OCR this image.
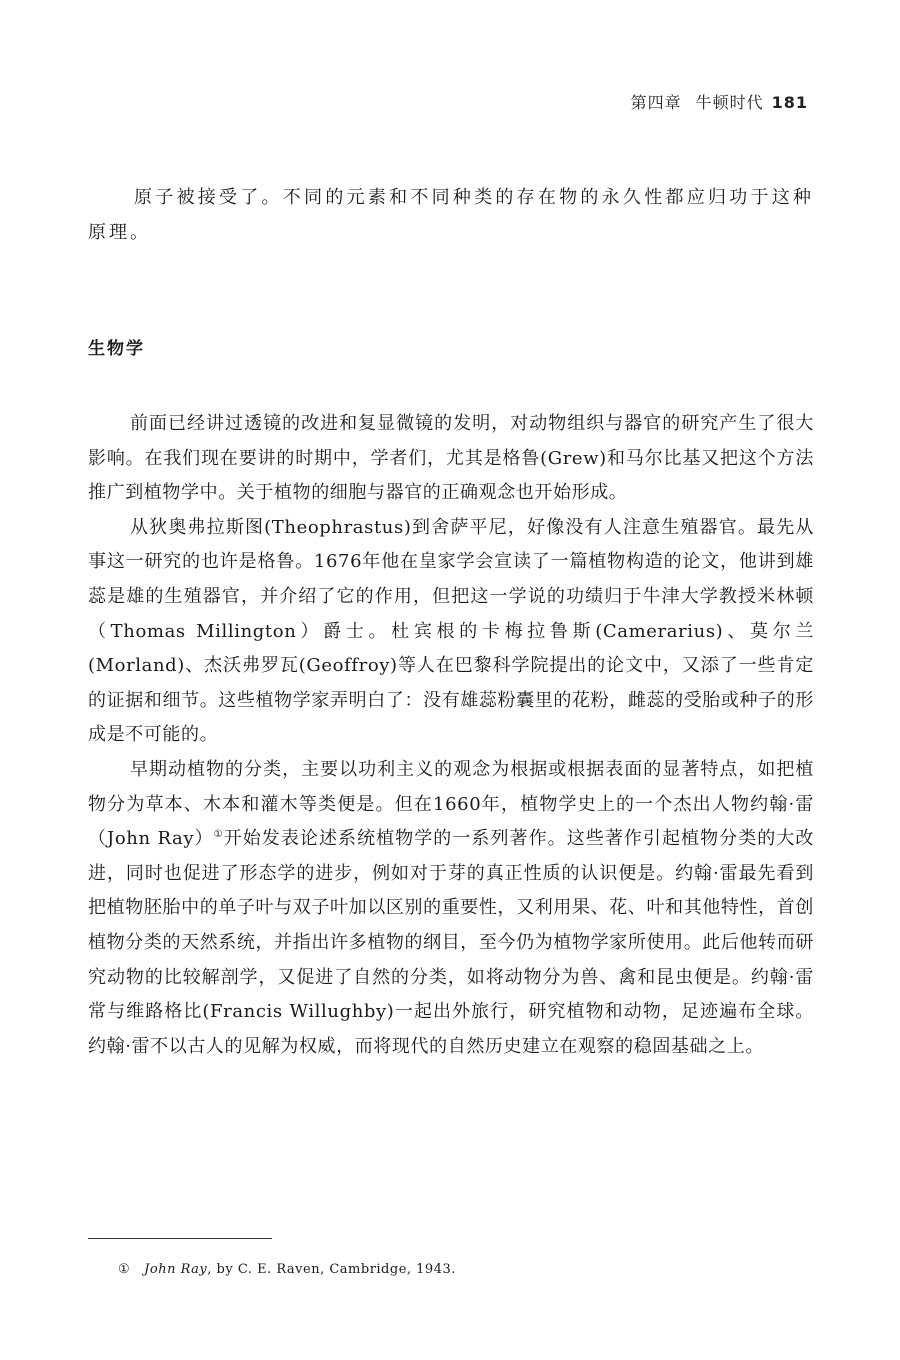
第四章 牛顿时代 181

原子被接受了。不同的元素和不同种类的存在物的永久性都应归功于这种原理。

生物学

前面已经讲过透镜的改进和复显微镜的发明，对动物组织与器官的研究产生了很大影响。在我们现在要讲的时期中，学者们，尤其是格鲁(Grew)和马尔比基又把这个方法推广到植物学中。关于植物的细胞与器官的正确观念也开始形成。

从狄奥弗拉斯图(Theophrastus)到舍萨平尼，好像没有人注意生殖器官。最先从事这一研究的也许是格鲁。1676年他在皇家学会宣读了一篇植物构造的论文，他讲到雄蕊是雄的生殖器官，并介绍了它的作用，但把这一学说的功绩归于牛津大学教授米林顿（Thomas Millington）爵士。杜宾根的卡梅拉鲁斯(Camerarius)、莫尔兰(Morland)、杰沃弗罗瓦(Geoffroy)等人在巴黎科学院提出的论文中，又添了一些肯定的证据和细节。这些植物学家弄明白了：没有雄蕊粉囊里的花粉，雌蕊的受胎或种子的形成是不可能的。

早期动植物的分类，主要以功利主义的观念为根据或根据表面的显著特点，如把植物分为草本、木本和灌木等类便是。但在1660年，植物学史上的一个杰出人物约翰·雷（John Ray）①开始发表论述系统植物学的一系列著作。这些著作引起植物分类的大改进，同时也促进了形态学的进步，例如对于芽的真正性质的认识便是。约翰·雷最先看到把植物胚胎中的单子叶与双子叶加以区别的重要性，又利用果、花、叶和其他特性，首创植物分类的天然系统，并指出许多植物的纲目，至今仍为植物学家所使用。此后他转而研究动物的比较解剖学，又促进了自然的分类，如将动物分为兽、禽和昆虫便是。约翰·雷常与维路格比(Francis Willughby)一起出外旅行，研究植物和动物，足迹遍布全球。约翰·雷不以古人的见解为权威，而将现代的自然历史建立在观察的稳固基础之上。

① John Ray, by C. E. Raven, Cambridge, 1943.
